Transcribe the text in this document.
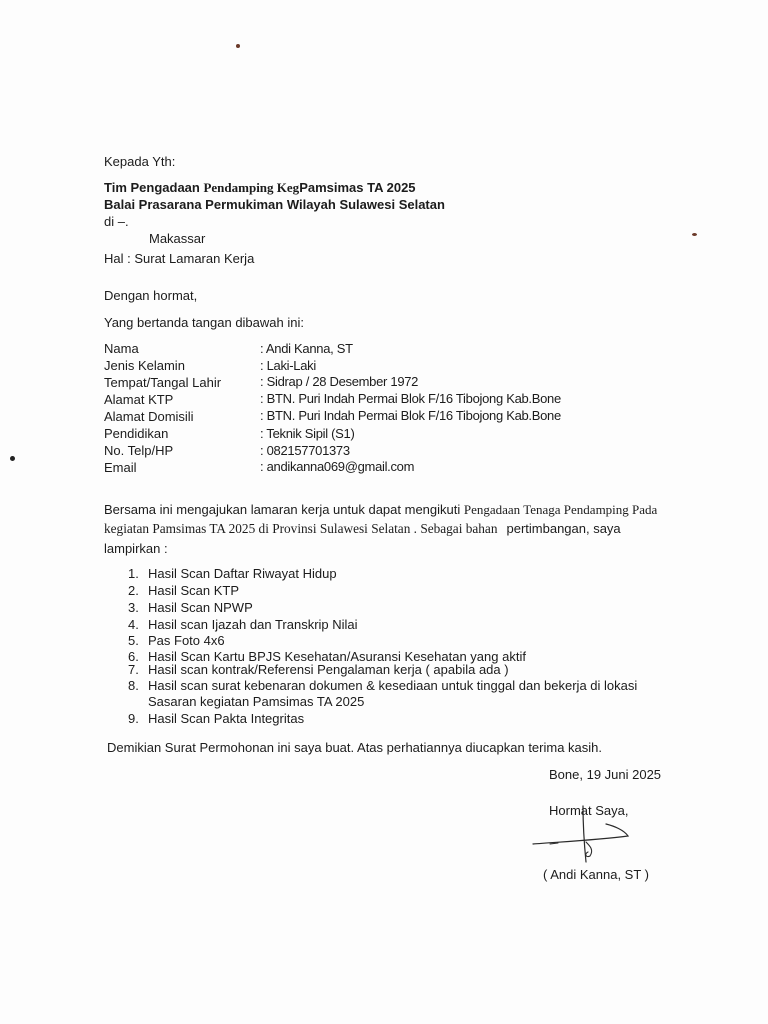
Kepada Yth:
Tim Pengadaan Pendamping KegPamsimas TA 2025
Balai Prasarana Permukiman Wilayah Sulawesi Selatan
di –.
Makassar
Hal : Surat Lamaran Kerja
Dengan hormat,
Yang bertanda tangan dibawah ini:
Nama	: Andi Kanna, ST
Jenis Kelamin	: Laki-Laki
Tempat/Tangal Lahir	: Sidrap / 28 Desember 1972
Alamat KTP	: BTN. Puri Indah Permai Blok F/16 Tibojong Kab.Bone
Alamat Domisili	: BTN. Puri Indah Permai Blok F/16 Tibojong Kab.Bone
Pendidikan	: Teknik Sipil (S1)
No. Telp/HP	: 082157701373
Email	: andikanna069@gmail.com
Bersama ini mengajukan lamaran kerja untuk dapat mengikuti Pengadaan Tenaga Pendamping Pada
kegiatan Pamsimas TA 2025 di Provinsi Sulawesi Selatan . Sebagai bahan pertimbangan, saya
lampirkan :
1. Hasil Scan Daftar Riwayat Hidup
2. Hasil Scan KTP
3. Hasil Scan NPWP
4. Hasil scan Ijazah dan Transkrip Nilai
5. Pas Foto 4x6
6. Hasil Scan Kartu BPJS Kesehatan/Asuransi Kesehatan yang aktif
7. Hasil scan kontrak/Referensi Pengalaman kerja ( apabila ada )
8. Hasil scan surat kebenaran dokumen & kesediaan untuk tinggal dan bekerja di lokasi
Sasaran kegiatan Pamsimas TA 2025
9. Hasil Scan Pakta Integritas
Demikian Surat Permohonan ini saya buat. Atas perhatiannya diucapkan terima kasih.
Bone, 19 Juni 2025
Hormat Saya,
( Andi Kanna, ST )
